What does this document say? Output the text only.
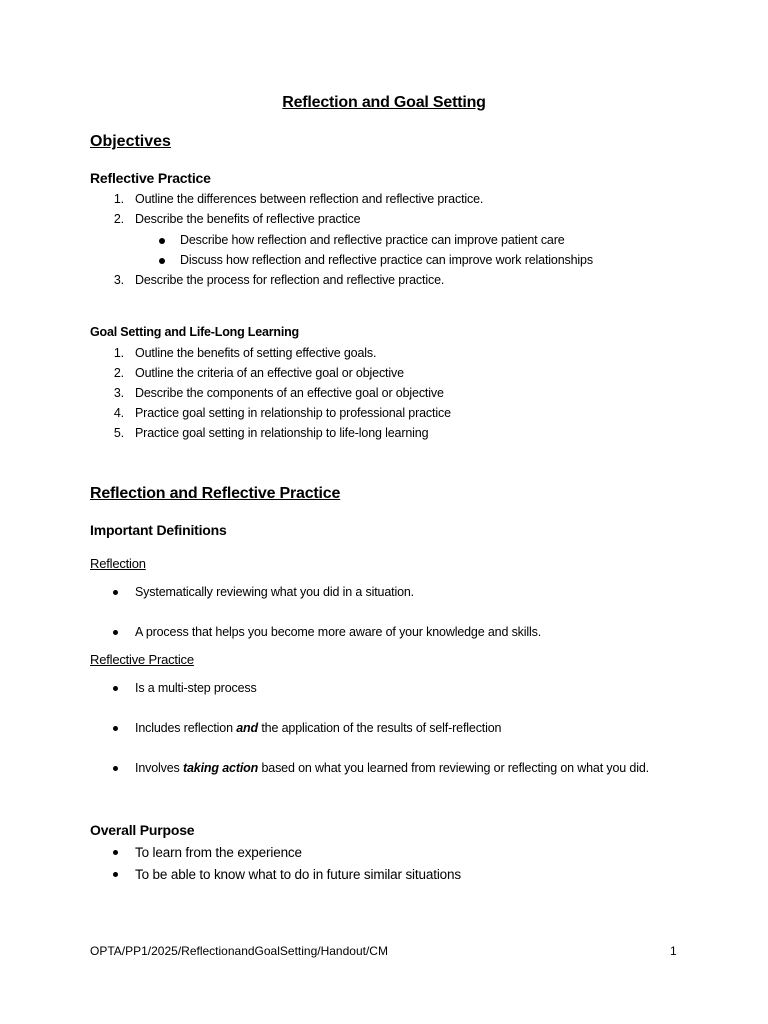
Reflection and Goal Setting
Objectives
Reflective Practice
1. Outline the differences between reflection and reflective practice.
2. Describe the benefits of reflective practice
Describe how reflection and reflective practice can improve patient care
Discuss how reflection and reflective practice can improve work relationships
3. Describe the process for reflection and reflective practice.
Goal Setting and Life-Long Learning
1. Outline the benefits of setting effective goals.
2. Outline the criteria of an effective goal or objective
3. Describe the components of an effective goal or objective
4. Practice goal setting in relationship to professional practice
5. Practice goal setting in relationship to life-long learning
Reflection and Reflective Practice
Important Definitions
Reflection
Systematically reviewing what you did in a situation.
A process that helps you become more aware of your knowledge and skills.
Reflective Practice
Is a multi-step process
Includes reflection and the application of the results of self-reflection
Involves taking action based on what you learned from reviewing or reflecting on what you did.
Overall Purpose
To learn from the experience
To be able to know what to do in future similar situations
OPTA/PP1/2025/ReflectionandGoalSetting/Handout/CM	1
